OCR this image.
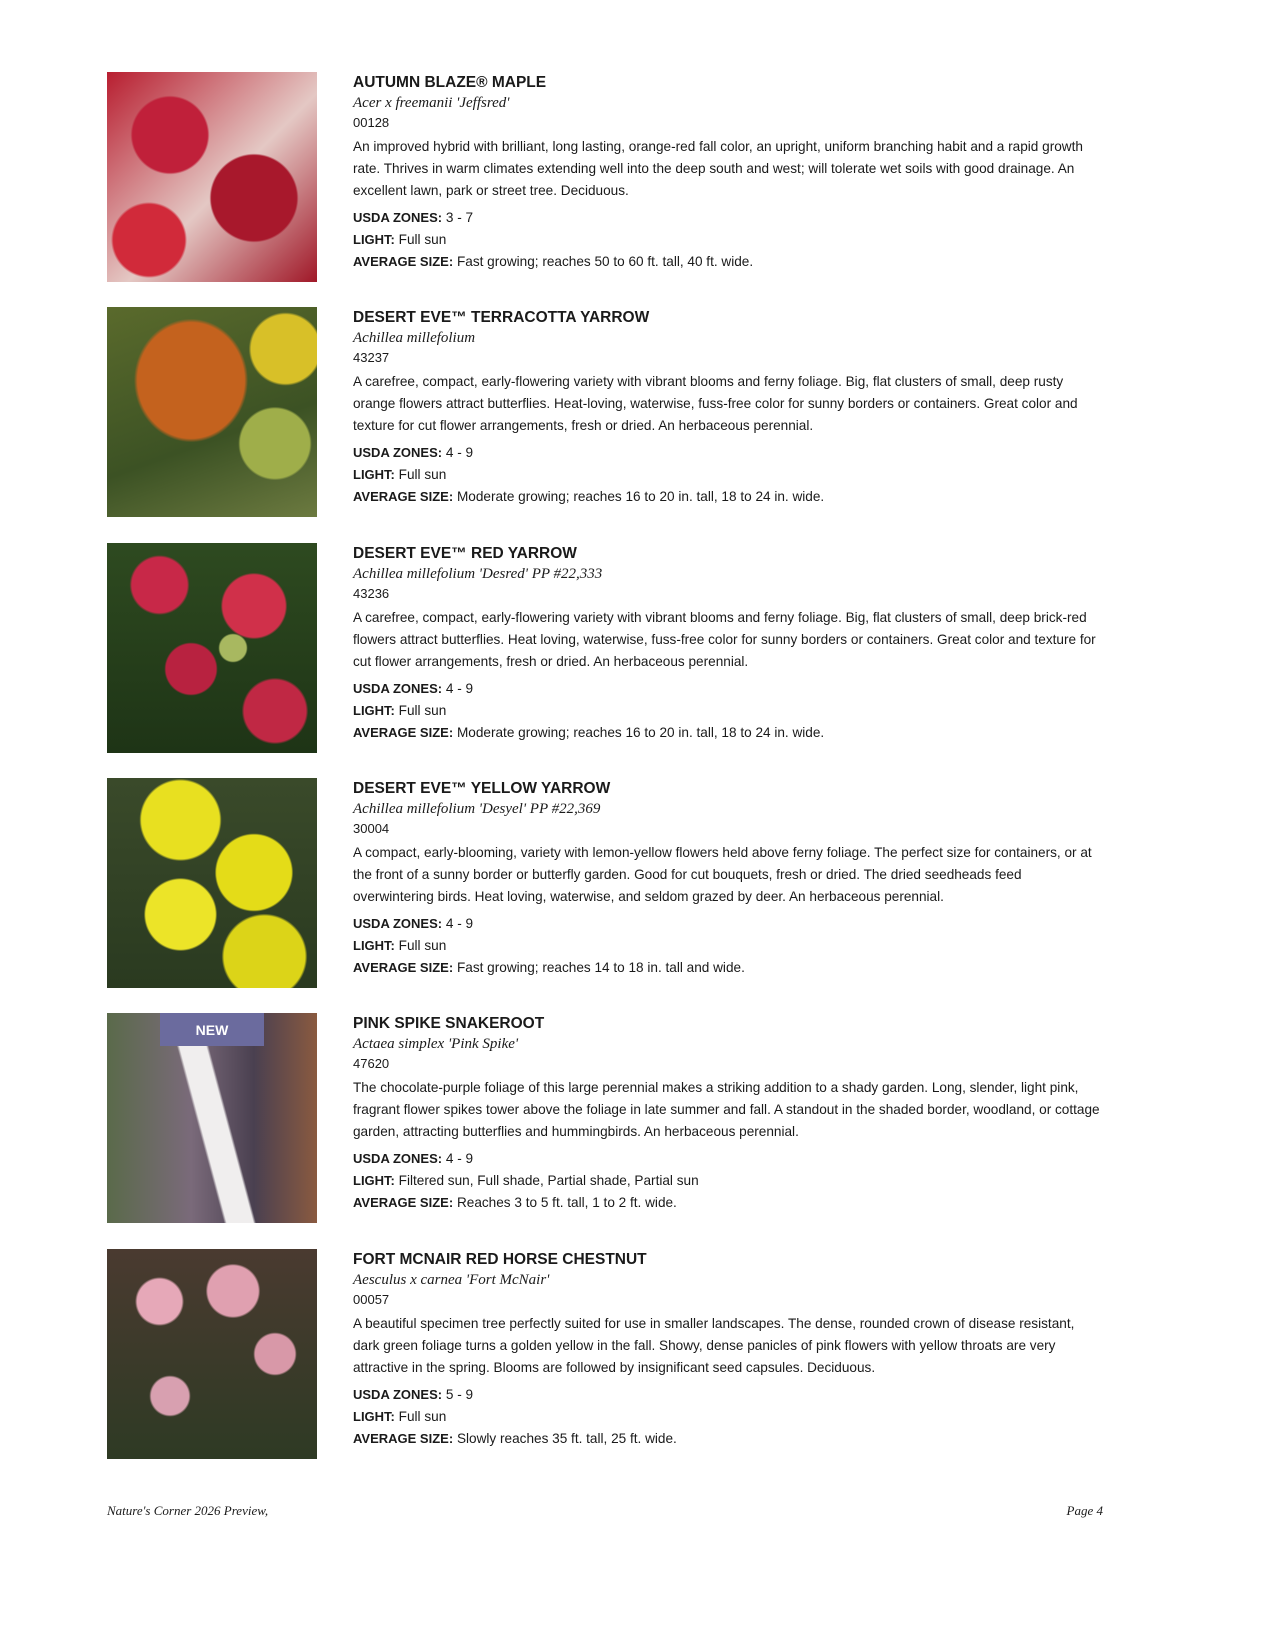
AUTUMN BLAZE® MAPLE
Acer x freemanii 'Jeffsred'
00128
An improved hybrid with brilliant, long lasting, orange-red fall color, an upright, uniform branching habit and a rapid growth rate. Thrives in warm climates extending well into the deep south and west; will tolerate wet soils with good drainage. An excellent lawn, park or street tree. Deciduous.
USDA ZONES: 3 - 7
LIGHT: Full sun
AVERAGE SIZE: Fast growing; reaches 50 to 60 ft. tall, 40 ft. wide.
DESERT EVE™ TERRACOTTA YARROW
Achillea millefolium
43237
A carefree, compact, early-flowering variety with vibrant blooms and ferny foliage. Big, flat clusters of small, deep rusty orange flowers attract butterflies. Heat-loving, waterwise, fuss-free color for sunny borders or containers. Great color and texture for cut flower arrangements, fresh or dried. An herbaceous perennial.
USDA ZONES: 4 - 9
LIGHT: Full sun
AVERAGE SIZE: Moderate growing; reaches 16 to 20 in. tall, 18 to 24 in. wide.
DESERT EVE™ RED YARROW
Achillea millefolium 'Desred' PP #22,333
43236
A carefree, compact, early-flowering variety with vibrant blooms and ferny foliage. Big, flat clusters of small, deep brick-red flowers attract butterflies. Heat loving, waterwise, fuss-free color for sunny borders or containers. Great color and texture for cut flower arrangements, fresh or dried. An herbaceous perennial.
USDA ZONES: 4 - 9
LIGHT: Full sun
AVERAGE SIZE: Moderate growing; reaches 16 to 20 in. tall, 18 to 24 in. wide.
DESERT EVE™ YELLOW YARROW
Achillea millefolium 'Desyel' PP #22,369
30004
A compact, early-blooming, variety with lemon-yellow flowers held above ferny foliage. The perfect size for containers, or at the front of a sunny border or butterfly garden. Good for cut bouquets, fresh or dried. The dried seedheads feed overwintering birds. Heat loving, waterwise, and seldom grazed by deer. An herbaceous perennial.
USDA ZONES: 4 - 9
LIGHT: Full sun
AVERAGE SIZE: Fast growing; reaches 14 to 18 in. tall and wide.
NEW	PINK SPIKE SNAKEROOT
Actaea simplex 'Pink Spike'
47620
The chocolate-purple foliage of this large perennial makes a striking addition to a shady garden. Long, slender, light pink, fragrant flower spikes tower above the foliage in late summer and fall. A standout in the shaded border, woodland, or cottage garden, attracting butterflies and hummingbirds. An herbaceous perennial.
USDA ZONES: 4 - 9
LIGHT: Filtered sun, Full shade, Partial shade, Partial sun
AVERAGE SIZE: Reaches 3 to 5 ft. tall, 1 to 2 ft. wide.
FORT MCNAIR RED HORSE CHESTNUT
Aesculus x carnea 'Fort McNair'
00057
A beautiful specimen tree perfectly suited for use in smaller landscapes. The dense, rounded crown of disease resistant, dark green foliage turns a golden yellow in the fall. Showy, dense panicles of pink flowers with yellow throats are very attractive in the spring. Blooms are followed by insignificant seed capsules. Deciduous.
USDA ZONES: 5 - 9
LIGHT: Full sun
AVERAGE SIZE: Slowly reaches 35 ft. tall, 25 ft. wide.
Nature's Corner 2026 Preview,	Page 4
